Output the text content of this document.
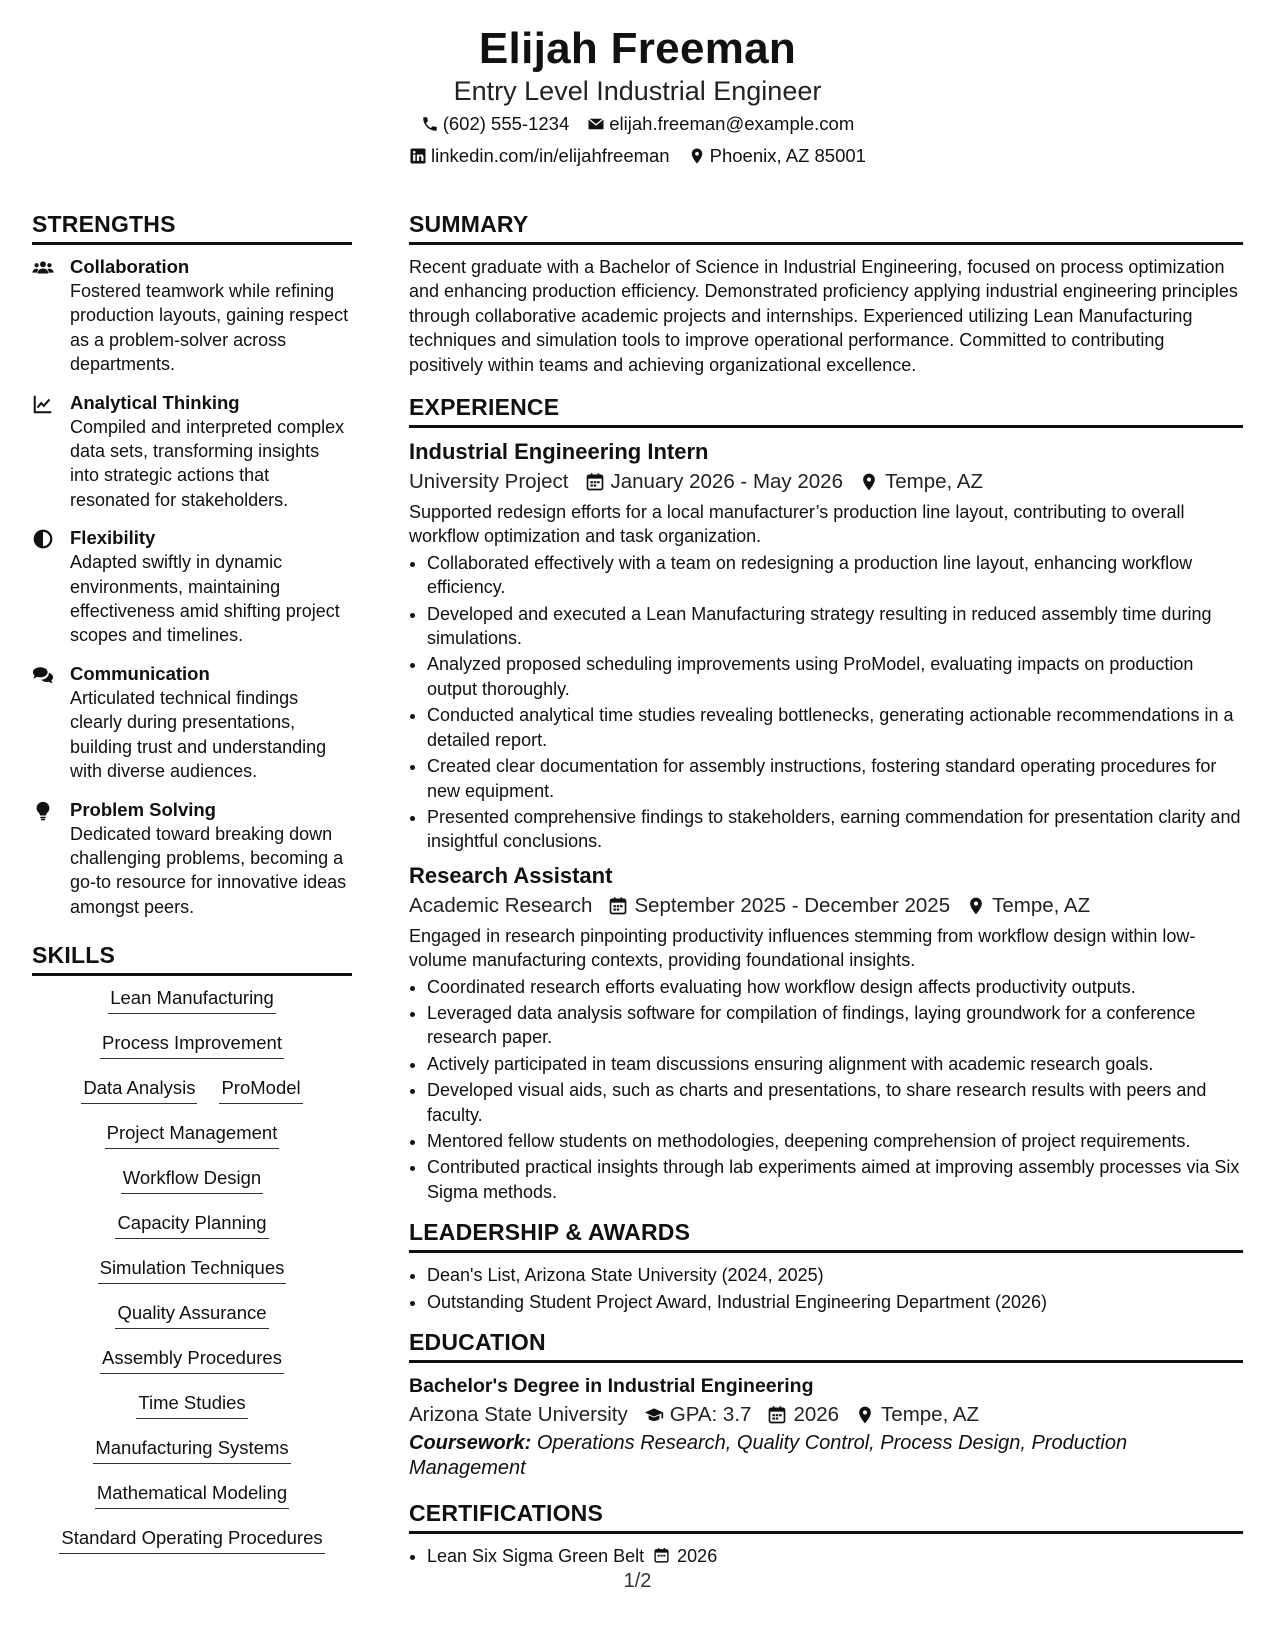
Elijah Freeman
Entry Level Industrial Engineer
(602) 555-1234 elijah.freeman@example.com
linkedin.com/in/elijahfreeman Phoenix, AZ 85001
STRENGTHS
Collaboration
Fostered teamwork while refining production layouts, gaining respect as a problem-solver across departments.
Analytical Thinking
Compiled and interpreted complex data sets, transforming insights into strategic actions that resonated for stakeholders.
Flexibility
Adapted swiftly in dynamic environments, maintaining effectiveness amid shifting project scopes and timelines.
Communication
Articulated technical findings clearly during presentations, building trust and understanding with diverse audiences.
Problem Solving
Dedicated toward breaking down challenging problems, becoming a go-to resource for innovative ideas amongst peers.
SKILLS
Lean Manufacturing
Process Improvement
Data Analysis ProModel
Project Management
Workflow Design
Capacity Planning
Simulation Techniques
Quality Assurance
Assembly Procedures
Time Studies
Manufacturing Systems
Mathematical Modeling
Standard Operating Procedures
SUMMARY
Recent graduate with a Bachelor of Science in Industrial Engineering, focused on process optimization and enhancing production efficiency. Demonstrated proficiency applying industrial engineering principles through collaborative academic projects and internships. Experienced utilizing Lean Manufacturing techniques and simulation tools to improve operational performance. Committed to contributing positively within teams and achieving organizational excellence.
EXPERIENCE
Industrial Engineering Intern
University Project January 2026 - May 2026 Tempe, AZ
Supported redesign efforts for a local manufacturer’s production line layout, contributing to overall workflow optimization and task organization.
• Collaborated effectively with a team on redesigning a production line layout, enhancing workflow efficiency.
• Developed and executed a Lean Manufacturing strategy resulting in reduced assembly time during simulations.
• Analyzed proposed scheduling improvements using ProModel, evaluating impacts on production output thoroughly.
• Conducted analytical time studies revealing bottlenecks, generating actionable recommendations in a detailed report.
• Created clear documentation for assembly instructions, fostering standard operating procedures for new equipment.
• Presented comprehensive findings to stakeholders, earning commendation for presentation clarity and insightful conclusions.
Research Assistant
Academic Research September 2025 - December 2025 Tempe, AZ
Engaged in research pinpointing productivity influences stemming from workflow design within low-volume manufacturing contexts, providing foundational insights.
• Coordinated research efforts evaluating how workflow design affects productivity outputs.
• Leveraged data analysis software for compilation of findings, laying groundwork for a conference research paper.
• Actively participated in team discussions ensuring alignment with academic research goals.
• Developed visual aids, such as charts and presentations, to share research results with peers and faculty.
• Mentored fellow students on methodologies, deepening comprehension of project requirements.
• Contributed practical insights through lab experiments aimed at improving assembly processes via Six Sigma methods.
LEADERSHIP & AWARDS
• Dean's List, Arizona State University (2024, 2025)
• Outstanding Student Project Award, Industrial Engineering Department (2026)
EDUCATION
Bachelor's Degree in Industrial Engineering
Arizona State University GPA: 3.7 2026 Tempe, AZ
Coursework: Operations Research, Quality Control, Process Design, Production Management
CERTIFICATIONS
• Lean Six Sigma Green Belt 2026
1/2
